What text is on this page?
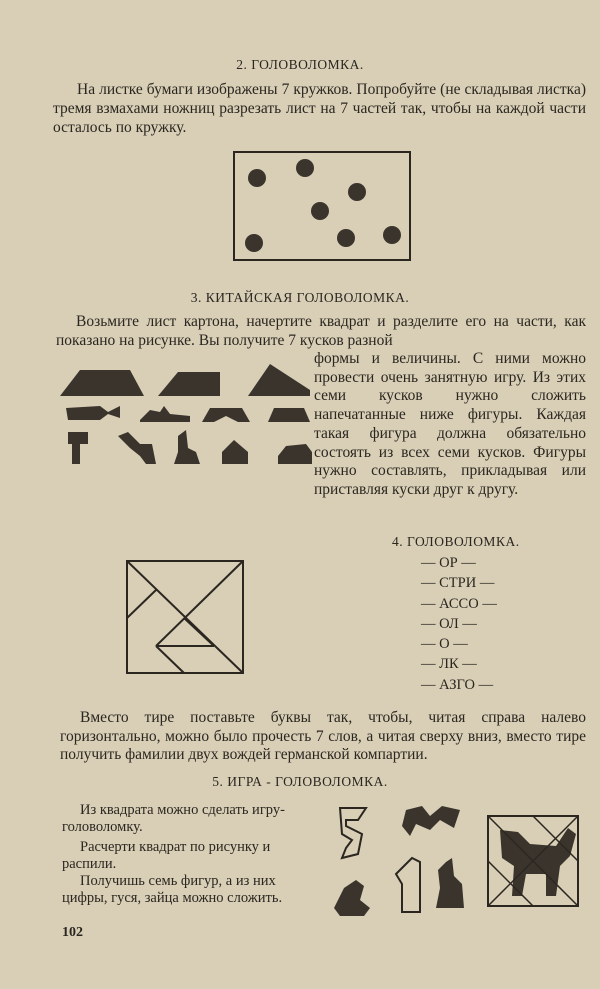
2. ГОЛОВОЛОМКА.
На листке бумаги изображены 7 кружков. Попробуйте (не складывая листка) тремя взмахами ножниц разрезать лист на 7 частей так, чтобы на каждой части осталось по кружку.
3. КИТАЙСКАЯ ГОЛОВОЛОМКА.
Возьмите лист картона, начертите квадрат и разделите его на части, как показано на рисунке. Вы получите 7 кусков разной
формы и величины. С ними можно провести очень занятную игру. Из этих семи кусков нужно сложить напечатанные ниже фигуры. Каждая такая фигура должна обязательно состоять из всех семи кусков. Фигуры нужно составлять, прикладывая или приставляя куски друг к другу.
4. ГОЛОВОЛОМКА.
— ОР —
— СТРИ —
— АССО —
— ОЛ —
— О —
— ЛК —
— АЗГО —
Вместо тире поставьте буквы так, чтобы, читая справа налево горизонтально, можно было прочесть 7 слов, а читая сверху вниз, вместо тире получить фамилии двух вождей германской компартии.
5. ИГРА - ГОЛОВОЛОМКА.
Из квадрата можно сделать игру-головоломку.
Расчерти квадрат по рисунку и распили.
Получишь семь фигур, а из них цифры, гуся, зайца можно сложить.
102
